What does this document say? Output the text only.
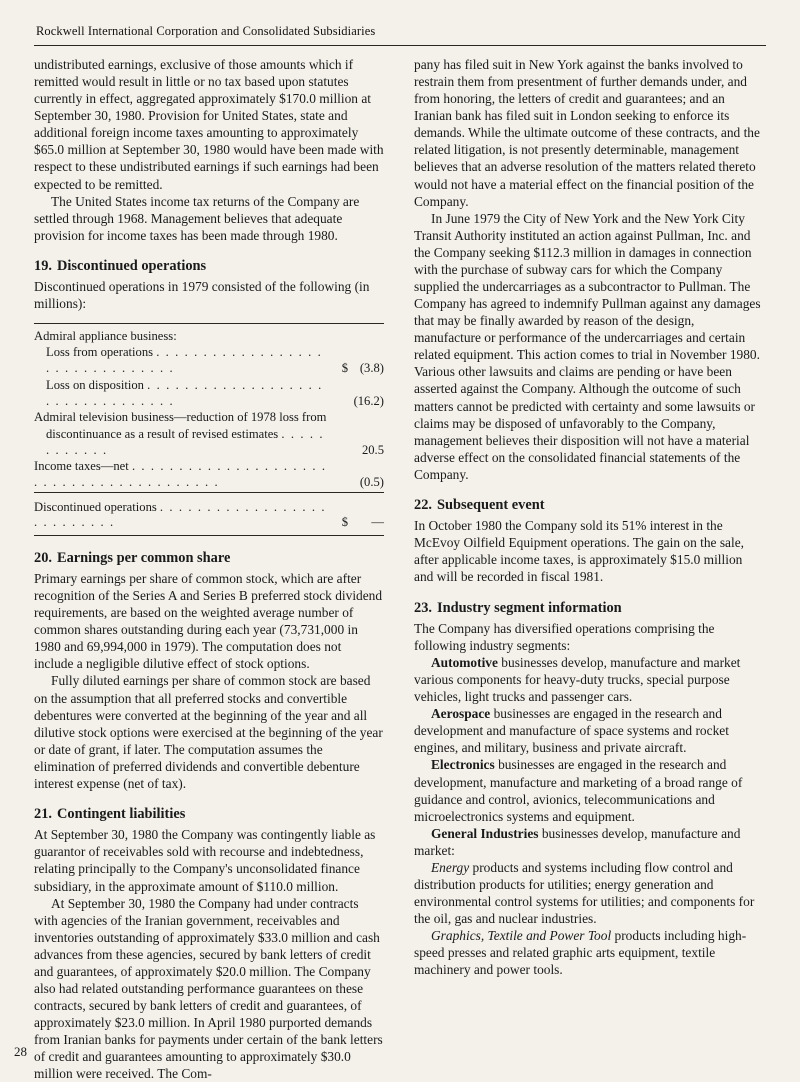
Rockwell International Corporation and Consolidated Subsidiaries

undistributed earnings, exclusive of those amounts which if remitted would result in little or no tax based upon statutes currently in effect, aggregated approximately $170.0 million at September 30, 1980. Provision for United States, state and additional foreign income taxes amounting to approximately $65.0 million at September 30, 1980 would have been made with respect to these undistributed earnings if such earnings had been expected to be remitted.

The United States income tax returns of the Company are settled through 1968. Management believes that adequate provision for income taxes has been made through 1980.

19. Discontinued operations

Discontinued operations in 1979 consisted of the following (in millions):

Admiral appliance business:		
Loss from operations . . . . . . . . . . . . . . . . . . . . . . . . . . . . . . . .	$	(3.8)
Loss on disposition . . . . . . . . . . . . . . . . . . . . . . . . . . . . . . . . .		(16.2)
Admiral television business—reduction of 1978 loss from		
discontinuance as a result of revised estimates . . . . . . . . . . . .		20.5
Income taxes—net . . . . . . . . . . . . . . . . . . . . . . . . . . . . . . . . . . . . . . . . .		(0.5)

Discontinued operations . . . . . . . . . . . . . . . . . . . . . . . . . . .	$	—
20. Earnings per common share

Primary earnings per share of common stock, which are after recognition of the Series A and Series B preferred stock dividend requirements, are based on the weighted average number of common shares outstanding during each year (73,731,000 in 1980 and 69,994,000 in 1979). The computation does not include a negligible dilutive effect of stock options.

Fully diluted earnings per share of common stock are based on the assumption that all preferred stocks and convertible debentures were converted at the beginning of the year and all dilutive stock options were exercised at the beginning of the year or date of grant, if later. The computation assumes the elimination of preferred dividends and convertible debenture interest expense (net of tax).

21. Contingent liabilities

At September 30, 1980 the Company was contingently liable as guarantor of receivables sold with recourse and indebtedness, relating principally to the Company's unconsolidated finance subsidiary, in the approximate amount of $110.0 million.

At September 30, 1980 the Company had under contracts with agencies of the Iranian government, receivables and inventories outstanding of approximately $33.0 million and cash advances from these agencies, secured by bank letters of credit and guarantees, of approximately $20.0 million. The Company also had related outstanding performance guarantees on these contracts, secured by bank letters of credit and guarantees, of approximately $23.0 million. In April 1980 purported demands from Iranian banks for payments under certain of the bank letters of credit and guarantees amounting to approximately $30.0 million were received. The Com-

pany has filed suit in New York against the banks involved to restrain them from presentment of further demands under, and from honoring, the letters of credit and guarantees; and an Iranian bank has filed suit in London seeking to enforce its demands. While the ultimate outcome of these contracts, and the related litigation, is not presently determinable, management believes that an adverse resolution of the matters related thereto would not have a material effect on the financial position of the Company.

In June 1979 the City of New York and the New York City Transit Authority instituted an action against Pullman, Inc. and the Company seeking $112.3 million in damages in connection with the purchase of subway cars for which the Company supplied the undercarriages as a subcontractor to Pullman. The Company has agreed to indemnify Pullman against any damages that may be finally awarded by reason of the design, manufacture or performance of the undercarriages and certain related equipment. This action comes to trial in November 1980. Various other lawsuits and claims are pending or have been asserted against the Company. Although the outcome of such matters cannot be predicted with certainty and some lawsuits or claims may be disposed of unfavorably to the Company, management believes their disposition will not have a material adverse effect on the consolidated financial statements of the Company.

22. Subsequent event

In October 1980 the Company sold its 51% interest in the McEvoy Oilfield Equipment operations. The gain on the sale, after applicable income taxes, is approximately $15.0 million and will be recorded in fiscal 1981.

23. Industry segment information

The Company has diversified operations comprising the following industry segments:

Automotive businesses develop, manufacture and market various components for heavy-duty trucks, special purpose vehicles, light trucks and passenger cars.

Aerospace businesses are engaged in the research and development and manufacture of space systems and rocket engines, and military, business and private aircraft.

Electronics businesses are engaged in the research and development, manufacture and marketing of a broad range of guidance and control, avionics, telecommunications and microelectronics systems and equipment.

General Industries businesses develop, manufacture and market:

Energy products and systems including flow control and distribution products for utilities; energy generation and environmental control systems for utilities; and components for the oil, gas and nuclear industries.

Graphics, Textile and Power Tool products including high-speed presses and related graphic arts equipment, textile machinery and power tools.

28
